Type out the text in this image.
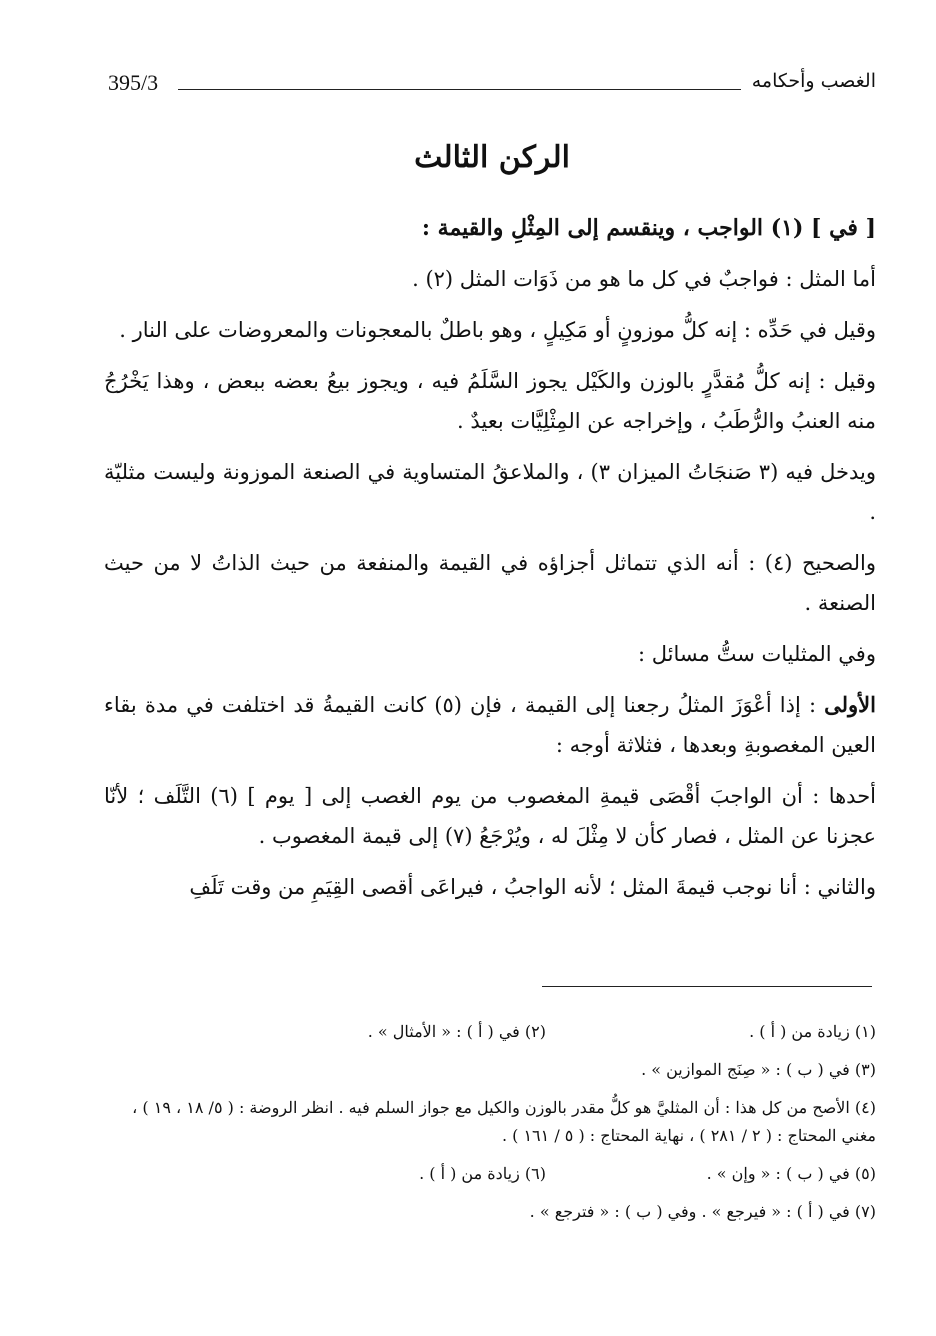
395/3	الغصب وأحكامه
الركن الثالث

[ في ] (١) الواجب ، وينقسم إلى المِثْلِ والقيمة :

أما المثل : فواجبٌ في كل ما هو من ذَوَات المثل (٢) .

وقيل في حَدِّه : إنه كلُّ موزونٍ أو مَكِيلٍ ، وهو باطلٌ بالمعجونات والمعروضات على النار .

وقيل : إنه كلُّ مُقدَّرٍ بالوزن والكَيْل يجوز السَّلَمُ فيه ، ويجوز بيعُ بعضه ببعض ، وهذا يَخْرُجُ منه العنبُ والرُّطَبُ ، وإخراجه عن المِثْلِيَّات بعيدٌ .

ويدخل فيه (٣ صَنجَاتُ الميزان ٣) ، والملاعقُ المتساوية في الصنعة الموزونة وليست مثليّة .

والصحيح (٤) : أنه الذي تتماثل أجزاؤه في القيمة والمنفعة من حيث الذاتُ لا من حيث الصنعة .

وفي المثليات ستُّ مسائل :

الأولى : إذا أعْوَزَ المثلُ رجعنا إلى القيمة ، فإن (٥) كانت القيمةُ قد اختلفت في مدة بقاء العين المغصوبةِ وبعدها ، فثلاثة أوجه :

أحدها : أن الواجبَ أقْصَى قيمةِ المغصوب من يوم الغصب إلى [ يوم ] (٦) التَّلَف ؛ لأنّا عجزنا عن المثل ، فصار كأن لا مِثْلَ له ، ويُرْجَعُ (٧) إلى قيمة المغصوب .

والثاني : أنا نوجب قيمةَ المثل ؛ لأنه الواجبُ ، فيراعَى أقصى القِيَمِ من وقت تَلَفِ

(١) زيادة من ( أ ) .
(٢) في ( أ ) : « الأمثال » .
(٣) في ( ب ) : « صِنَج الموازين » .
(٤) الأصح من كل هذا : أن المثليَّ هو كلُّ مقدر بالوزن والكيل مع جواز السلم فيه . انظر الروضة : ( ٥/ ١٨ ، ١٩ ) ، مغني المحتاج : ( ٢ / ٢٨١ ) ، نهاية المحتاج : ( ٥ / ١٦١ ) .
(٥) في ( ب ) : « وإن » .
(٦) زيادة من ( أ ) .
(٧) في ( أ ) : « فيرجع » . وفي ( ب ) : « فترجع » .
